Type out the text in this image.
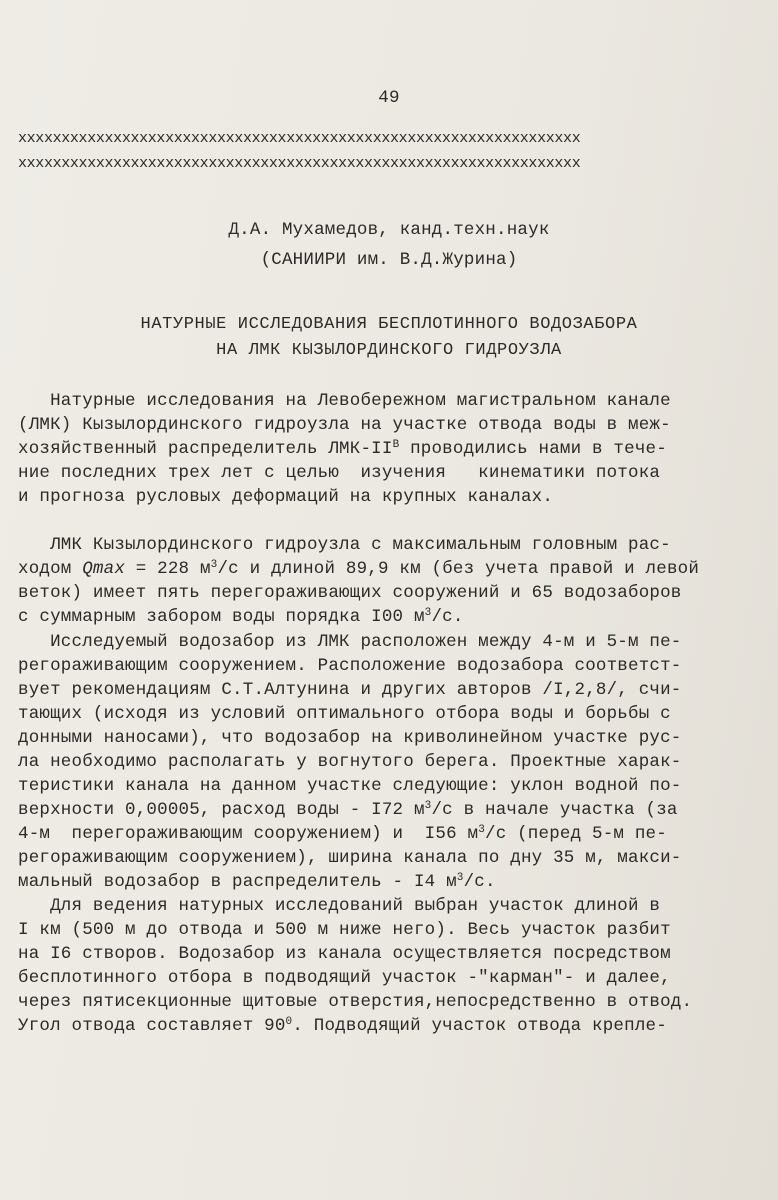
49
xxxxxxxxxxxxxxxxxxxxxxxxxxxxxxxxxxxxxxxxxxxxxxxxxxxxxxxxxxxxxxxxx
xxxxxxxxxxxxxxxxxxxxxxxxxxxxxxxxxxxxxxxxxxxxxxxxxxxxxxxxxxxxxxxxx
Д.А. Мухамедов, канд.техн.наук
(САНИИРИ им. В.Д.Журина)
НАТУРНЫЕ ИССЛЕДОВАНИЯ БЕСПЛОТИННОГО ВОДОЗАБОРА
НА ЛМК КЫЗЫЛОРДИНСКОГО ГИДРОУЗЛА
Натурные исследования на Левобережном магистральном канале
(ЛМК) Кызылординского гидроузла на участке отвода воды в меж-
хозяйственный распределитель ЛМК-$II^В$ проводились нами в тече-
ние последних трех лет с целью  изучения   кинематики потока
и прогноза русловых деформаций на крупных каналах.
ЛМК Кызылординского гидроузла с максимальным головным рас-
ходом Qmax = 228 $м^3/с$ и длиной 89,9 км (без учета правой и левой
веток) имеет пять перегораживающих сооружений и 65 водозаборов
с суммарным забором воды порядка I00 $м^3/с$.
Исследуемый водозабор из ЛМК расположен между 4-м и 5-м пе-
регораживающим сооружением. Расположение водозабора соответст-
вует рекомендациям С.Т.Алтунина и других авторов /I,2,8/, счи-
тающих (исходя из условий оптимального отбора воды и борьбы с
донными наносами), что водозабор на криволинейном участке рус-
ла необходимо располагать у вогнутого берега. Проектные харак-
теристики канала на данном участке следующие: уклон водной по-
верхности 0,00005, расход воды - I72 $м^3/с$ в начале участка (за
4-м  перегораживающим сооружением) и  I56 $м^3/с$ (перед 5-м пе-
регораживающим сооружением), ширина канала по дну 35 м, макси-
мальный водозабор в распределитель - I4 $м^3/с$.
Для ведения натурных исследований выбран участок длиной в
I км (500 м до отвода и 500 м ниже него). Весь участок разбит
на I6 створов. Водозабор из канала осуществляется посредством
бесплотинного отбора в подводящий участок -"карман"- и далее,
через пятисекционные щитовые отверстия,непосредственно в отвод.
Угол отвода составляет $90^0$. Подводящий участок отвода крепле-
